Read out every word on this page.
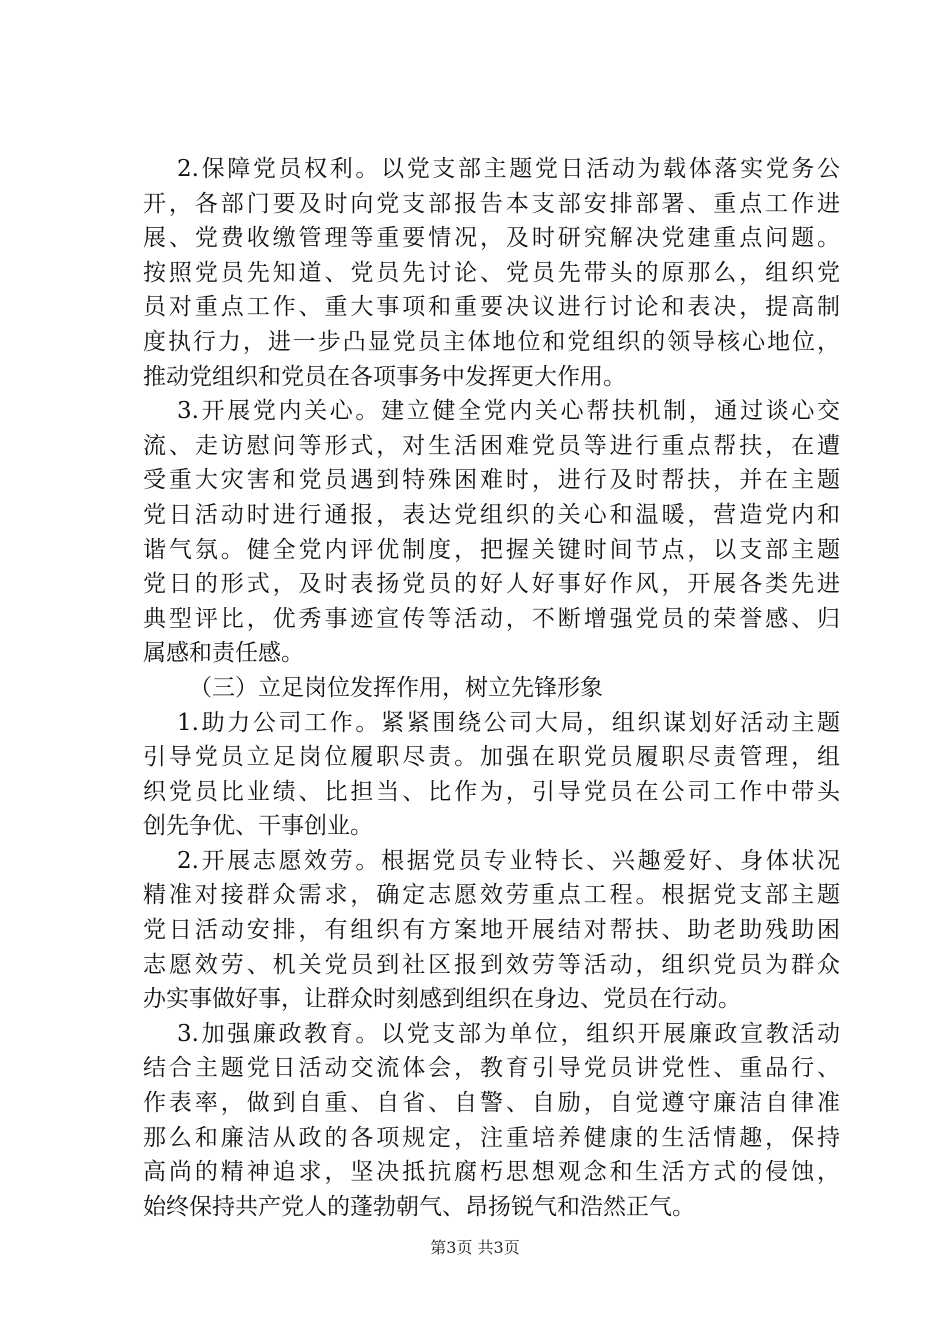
2.保障党员权利。以党支部主题党日活动为载体落实党务公
开，各部门要及时向党支部报告本支部安排部署、重点工作进
展、党费收缴管理等重要情况，及时研究解决党建重点问题。
按照党员先知道、党员先讨论、党员先带头的原那么，组织党
员对重点工作、重大事项和重要决议进行讨论和表决，提高制
度执行力，进一步凸显党员主体地位和党组织的领导核心地位，
推动党组织和党员在各项事务中发挥更大作用。
3.开展党内关心。建立健全党内关心帮扶机制，通过谈心交
流、走访慰问等形式，对生活困难党员等进行重点帮扶，在遭
受重大灾害和党员遇到特殊困难时，进行及时帮扶，并在主题
党日活动时进行通报，表达党组织的关心和温暖，营造党内和
谐气氛。健全党内评优制度，把握关键时间节点，以支部主题
党日的形式，及时表扬党员的好人好事好作风，开展各类先进
典型评比，优秀事迹宣传等活动，不断增强党员的荣誉感、归
属感和责任感。
（三）立足岗位发挥作用，树立先锋形象
1.助力公司工作。紧紧围绕公司大局，组织谋划好活动主题
引导党员立足岗位履职尽责。加强在职党员履职尽责管理，组
织党员比业绩、比担当、比作为，引导党员在公司工作中带头
创先争优、干事创业。
2.开展志愿效劳。根据党员专业特长、兴趣爱好、身体状况
精准对接群众需求，确定志愿效劳重点工程。根据党支部主题
党日活动安排，有组织有方案地开展结对帮扶、助老助残助困
志愿效劳、机关党员到社区报到效劳等活动，组织党员为群众
办实事做好事，让群众时刻感到组织在身边、党员在行动。
3.加强廉政教育。以党支部为单位，组织开展廉政宣教活动
结合主题党日活动交流体会，教育引导党员讲党性、重品行、
作表率，做到自重、自省、自警、自励，自觉遵守廉洁自律准
那么和廉洁从政的各项规定，注重培养健康的生活情趣，保持
高尚的精神追求，坚决抵抗腐朽思想观念和生活方式的侵蚀，
始终保持共产党人的蓬勃朝气、昂扬锐气和浩然正气。
第3页 共3页
